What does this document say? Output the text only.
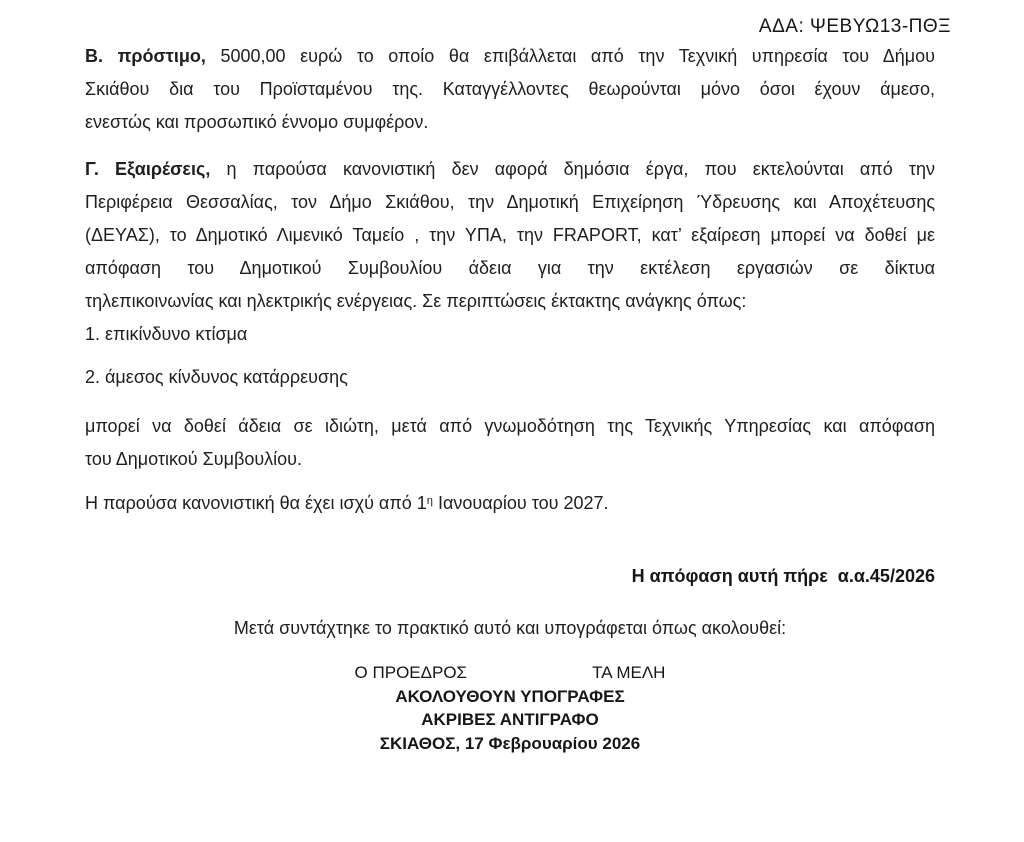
ΑΔΑ: ΨΕΒΥΩ13-ΠΘΞ
Β. πρόστιμο, 5000,00 ευρώ το οποίο θα επιβάλλεται από την Τεχνική υπηρεσία του Δήμου
Σκιάθου δια του Προϊσταμένου της. Καταγγέλλοντες θεωρούνται μόνο όσοι έχουν άμεσο,
ενεστώς και προσωπικό έννομο συμφέρον.
Γ. Εξαιρέσεις, η παρούσα κανονιστική δεν αφορά δημόσια έργα, που εκτελούνται από την
Περιφέρεια Θεσσαλίας, τον Δήμο Σκιάθου, την Δημοτική Επιχείρηση Ύδρευσης και Αποχέτευσης
(ΔΕΥΑΣ), το Δημοτικό Λιμενικό Ταμείο , την ΥΠΑ, την FRAPORT, κατ’ εξαίρεση μπορεί να δοθεί με
απόφαση του Δημοτικού Συμβουλίου άδεια για την εκτέλεση εργασιών σε δίκτυα
τηλεπικοινωνίας και ηλεκτρικής ενέργειας. Σε περιπτώσεις έκτακτης ανάγκης όπως:
1. επικίνδυνο κτίσμα
2. άμεσος κίνδυνος κατάρρευσης
μπορεί να δοθεί άδεια σε ιδιώτη, μετά από γνωμοδότηση της Τεχνικής Υπηρεσίας και απόφαση
του Δημοτικού Συμβουλίου.
Η παρούσα κανονιστική θα έχει ισχύ από $1^\eta$ Ιανουαρίου του 2027.
Η απόφαση αυτή πήρε  α.α.45/2026
Μετά συντάχτηκε το πρακτικό αυτό και υπογράφεται όπως ακολουθεί:
Ο ΠΡΟΕΔΡΟΣ	ΤΑ ΜΕΛΗ
ΑΚΟΛΟΥΘΟΥΝ ΥΠΟΓΡΑΦΕΣ
ΑΚΡΙΒΕΣ ΑΝΤΙΓΡΑΦΟ
ΣΚΙΑΘΟΣ, 17 Φεβρουαρίου 2026
